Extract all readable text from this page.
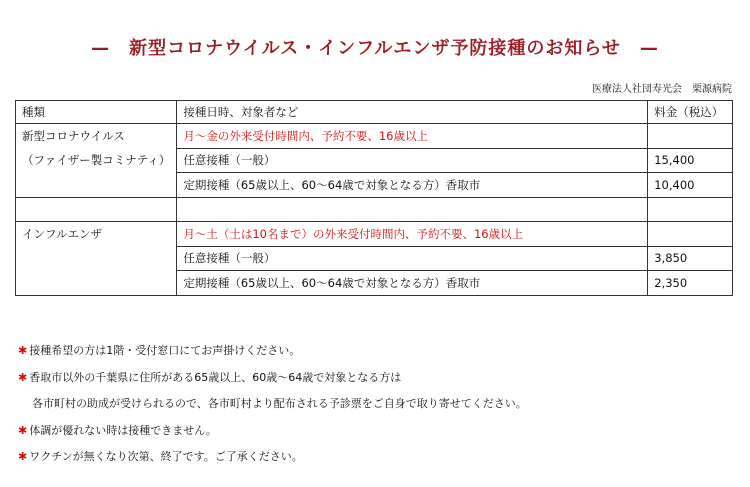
—　新型コロナウイルス・インフルエンザ予防接種のお知らせ　—
医療法人社団寿光会　栗源病院
種類	接種日時、対象者など	料金（税込）
新型コロナウイルス	月～金の外来受付時間内、予約不要、16歳以上	
（ファイザー製コミナティ）	任意接種（一般）	15,400
	定期接種（65歳以上、60～64歳で対象となる方）香取市	10,400

インフルエンザ	月～土（土は10名まで）の外来受付時間内、予約不要、16歳以上	
	任意接種（一般）	3,850
	定期接種（65歳以上、60～64歳で対象となる方）香取市	2,350
✱ 接種希望の方は1階・受付窓口にてお声掛けください。
✱ 香取市以外の千葉県に住所がある65歳以上、60歳～64歳で対象となる方は
各市町村の助成が受けられるので、各市町村より配布される予診票をご自身で取り寄せてください。
✱ 体調が優れない時は接種できません。
✱ ワクチンが無くなり次第、終了です。ご了承ください。
